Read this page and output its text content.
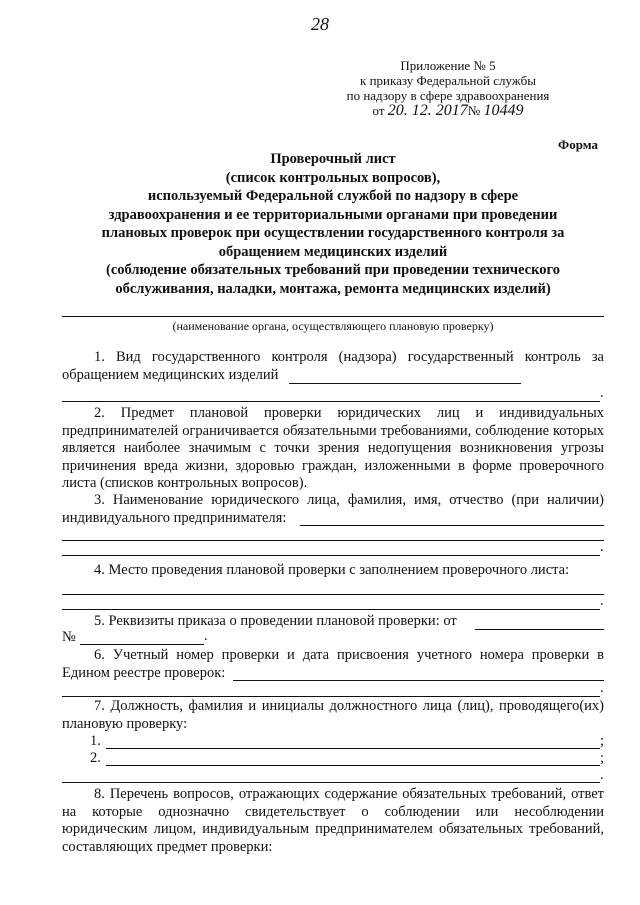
28
Приложение № 5
к приказу Федеральной службы
по надзору в сфере здравоохранения
от 20. 12. 2017№ 10449
Форма
Проверочный лист
(список контрольных вопросов),
используемый Федеральной службой по надзору в сфере
здравоохранения и ее территориальными органами при проведении
плановых проверок при осуществлении государственного контроля за
обращением медицинских изделий
(соблюдение обязательных требований при проведении технического
обслуживания, наладки, монтажа, ремонта медицинских изделий)
(наименование органа, осуществляющего плановую проверку)
1. Вид государственного контроля (надзора) государственный контроль за обращением медицинских изделий
.
2. Предмет плановой проверки юридических лиц и индивидуальных предпринимателей ограничивается обязательными требованиями, соблюдение которых является наиболее значимым с точки зрения недопущения возникновения угрозы причинения вреда жизни, здоровью граждан, изложенными в форме проверочного листа (списков контрольных вопросов).
3. Наименование юридического лица, фамилия, имя, отчество (при наличии) индивидуального предпринимателя:
.
4. Место проведения плановой проверки с заполнением проверочного листа:
.
5. Реквизиты приказа о проведении плановой проверки: от
№	.
6. Учетный номер проверки и дата присвоения учетного номера проверки в Едином реестре проверок:
.
7. Должность, фамилия и инициалы должностного лица (лиц), проводящего(их) плановую проверку:
1.	;
2.	;
.
8. Перечень вопросов, отражающих содержание обязательных требований, ответ на которые однозначно свидетельствует о соблюдении или несоблюдении юридическим лицом, индивидуальным предпринимателем обязательных требований, составляющих предмет проверки:
